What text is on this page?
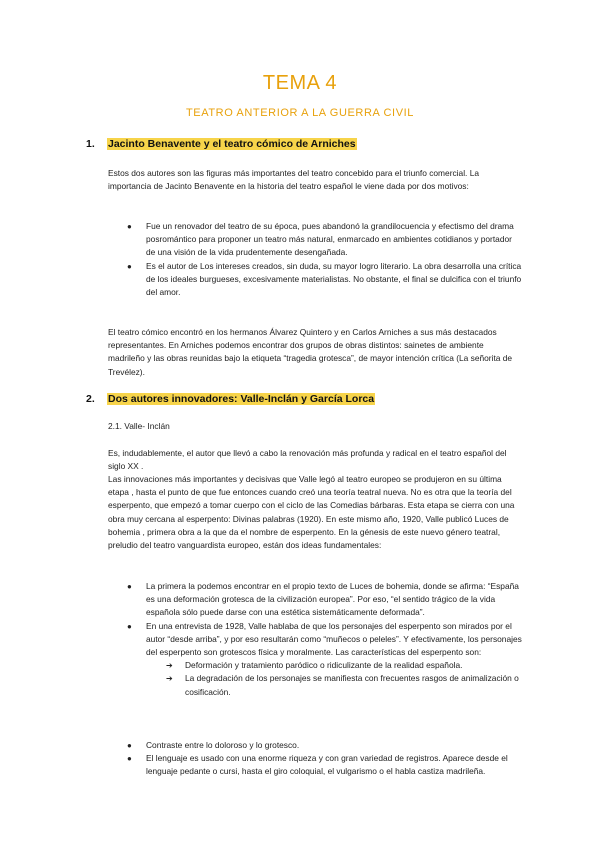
TEMA 4
TEATRO ANTERIOR A LA GUERRA CIVIL
1. Jacinto Benavente y el teatro cómico de Arniches

Estos dos autores son las figuras más importantes del teatro concebido para el triunfo comercial. La importancia de Jacinto Benavente en la historia del teatro español le viene dada por dos motivos:

● Fue un renovador del teatro de su época, pues abandonó la grandilocuencia y efectismo del drama posromántico para proponer un teatro más natural, enmarcado en ambientes cotidianos y portador de una visión de la vida prudentemente desengañada.
● Es el autor de Los intereses creados, sin duda, su mayor logro literario. La obra desarrolla una crítica de los ideales burgueses, excesivamente materialistas. No obstante, el final se dulcifica con el triunfo del amor.

El teatro cómico encontró en los hermanos Álvarez Quintero y en Carlos Arniches a sus más destacados representantes. En Arniches podemos encontrar dos grupos de obras distintos: sainetes de ambiente madrileño y las obras reunidas bajo la etiqueta “tragedia grotesca”, de mayor intención crítica (La señorita de Trevélez).

2. Dos autores innovadores: Valle-Inclán y García Lorca
2.1. Valle- Inclán

Es, indudablemente, el autor que llevó a cabo la renovación más profunda y radical en el teatro español del siglo XX .

Las innovaciones más importantes y decisivas que Valle legó al teatro europeo se produjeron en su última etapa , hasta el punto de que fue entonces cuando creó una teoría teatral nueva. No es otra que la teoría del esperpento, que empezó a tomar cuerpo con el ciclo de las Comedias bárbaras. Esta etapa se cierra con una obra muy cercana al esperpento: Divinas palabras (1920). En este mismo año, 1920, Valle publicó Luces de bohemia , primera obra a la que da el nombre de esperpento. En la génesis de este nuevo género teatral, preludio del teatro vanguardista europeo, están dos ideas fundamentales:

● La primera la podemos encontrar en el propio texto de Luces de bohemia, donde se afirma: “España es una deformación grotesca de la civilización europea”. Por eso, “el sentido trágico de la vida española sólo puede darse con una estética sistemáticamente deformada”.
● En una entrevista de 1928, Valle hablaba de que los personajes del esperpento son mirados por el autor “desde arriba”, y por eso resultarán como “muñecos o peleles”. Y efectivamente, los personajes del esperpento son grotescos física y moralmente. Las características del esperpento son:
➔ Deformación y tratamiento paródico o ridiculizante de la realidad española.
➔ La degradación de los personajes se manifiesta con frecuentes rasgos de animalización o cosificación.
● Contraste entre lo doloroso y lo grotesco.
● El lenguaje es usado con una enorme riqueza y con gran variedad de registros. Aparece desde el lenguaje pedante o cursi, hasta el giro coloquial, el vulgarismo o el habla castiza madrileña.
